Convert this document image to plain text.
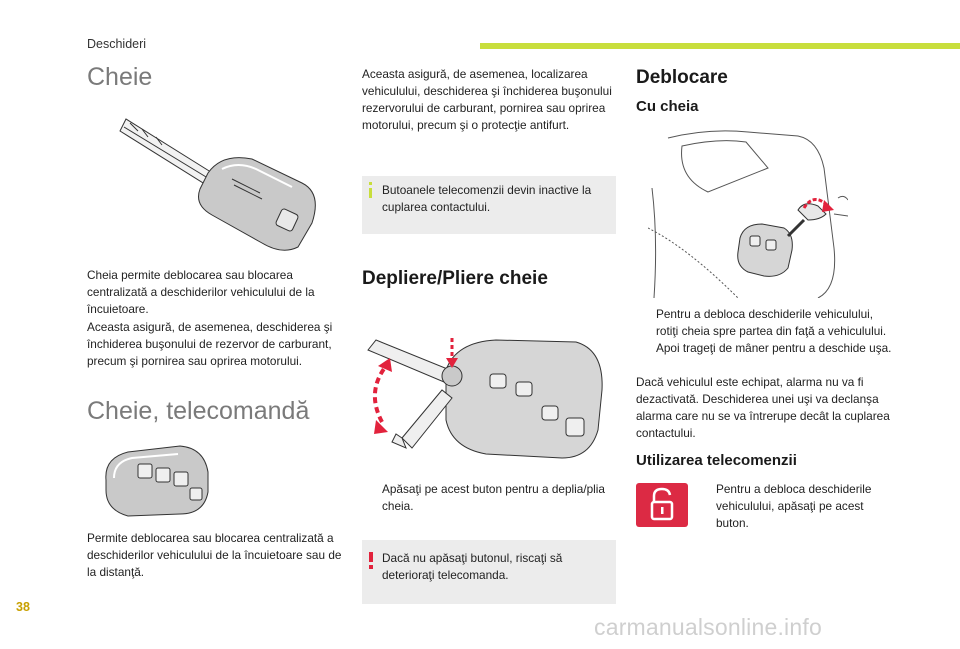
Deschideri
Cheie

Cheia permite deblocarea sau blocarea centralizată a deschiderilor vehiculului de la încuietoare.

Aceasta asigură, de asemenea, deschiderea şi închiderea buşonului de rezervor de carburant, precum şi pornirea sau oprirea motorului.

Cheie, telecomandă

Permite deblocarea sau blocarea centralizată a deschiderilor vehiculului de la încuietoare sau de la distanţă.

Aceasta asigură, de asemenea, localizarea vehiculului, deschiderea şi închiderea buşonului rezervorului de carburant, pornirea sau oprirea motorului, precum şi o protecţie antifurt.

Butoanele telecomenzii devin inactive la cuplarea contactului.

Depliere/Pliere cheie

Apăsaţi pe acest buton pentru a deplia/plia cheia.

Dacă nu apăsaţi butonul, riscaţi să deterioraţi telecomanda.

Deblocare
Cu cheia

Pentru a debloca deschiderile vehiculului, rotiţi cheia spre partea din faţă a vehiculului.

Apoi trageţi de mâner pentru a deschide uşa.

Dacă vehiculul este echipat, alarma nu va fi dezactivată. Deschiderea unei uşi va declanşa alarma care nu se va întrerupe decât la cuplarea contactului.

Utilizarea telecomenzii

Pentru a debloca deschiderile vehiculului, apăsaţi pe acest buton.

38
carmanualsonline.info
